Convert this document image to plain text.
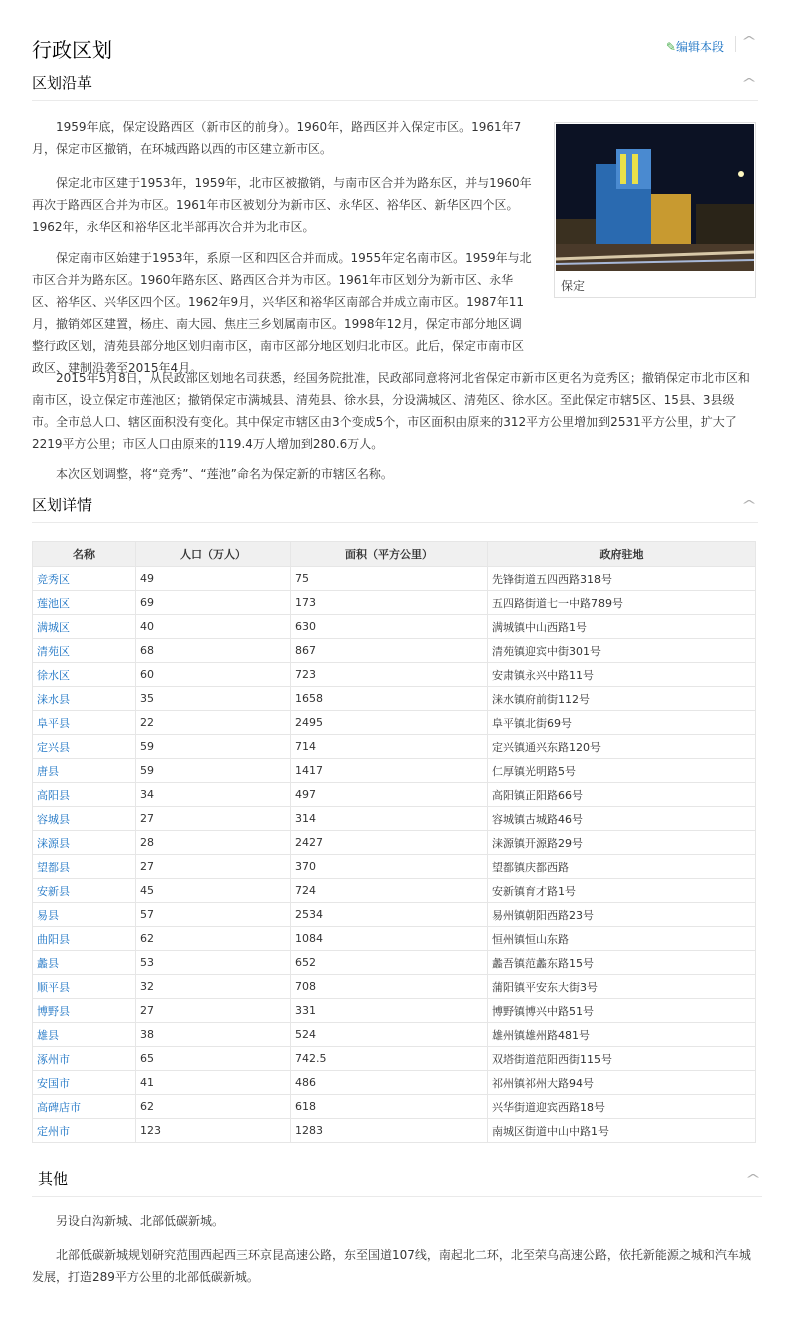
行政区划	✎编辑本段 ^
区划沿革	^

1959年底，保定设路西区（新市区的前身）。1960年，路西区并入保定市区。1961年7月，保定市区撤销，在环城西路以西的市区建立新市区。

保定北市区建于1953年，1959年，北市区被撤销，与南市区合并为路东区，并与1960年再次于路西区合并为市区。1961年市区被划分为新市区、永华区、裕华区、新华区四个区。1962年，永华区和裕华区北半部再次合并为北市区。

保定南市区始建于1953年，系原一区和四区合并而成。1955年定名南市区。1959年与北市区合并为路东区。1960年路东区、路西区合并为市区。1961年市区划分为新市区、永华区、裕华区、兴华区四个区。1962年9月，兴华区和裕华区南部合并成立南市区。1987年11月，撤销郊区建置，杨庄、南大园、焦庄三乡划属南市区。1998年12月，保定市部分地区调整行政区划，清苑县部分地区划归南市区，南市区部分地区划归北市区。此后，保定市南市区政区、建制沿袭至2015年4月。

保定

2015年5月8日，从民政部区划地名司获悉，经国务院批准，民政部同意将河北省保定市新市区更名为竞秀区；撤销保定市北市区和南市区，设立保定市莲池区；撤销保定市满城县、清苑县、徐水县，分设满城区、清苑区、徐水区。至此保定市辖5区、15县、3县级市。全市总人口、辖区面积没有变化。其中保定市辖区由3个变成5个，市区面积由原来的312平方公里增加到2531平方公里，扩大了2219平方公里；市区人口由原来的119.4万人增加到280.6万人。

本次区划调整，将“竞秀”、“莲池”命名为保定新的市辖区名称。

区划详情	^
名称	人口（万人）	面积（平方公里）	政府驻地
竞秀区	49	75	先锋街道五四西路318号
莲池区	69	173	五四路街道七一中路789号
满城区	40	630	满城镇中山西路1号
清苑区	68	867	清苑镇迎宾中街301号
徐水区	60	723	安肃镇永兴中路11号
涞水县	35	1658	涞水镇府前街112号
阜平县	22	2495	阜平镇北街69号
定兴县	59	714	定兴镇通兴东路120号
唐县	59	1417	仁厚镇光明路5号
高阳县	34	497	高阳镇正阳路66号
容城县	27	314	容城镇古城路46号
涞源县	28	2427	涞源镇开源路29号
望都县	27	370	望都镇庆都西路
安新县	45	724	安新镇育才路1号
易县	57	2534	易州镇朝阳西路23号
曲阳县	62	1084	恒州镇恒山东路
蠡县	53	652	蠡吾镇范蠡东路15号
顺平县	32	708	蒲阳镇平安东大街3号
博野县	27	331	博野镇博兴中路51号
雄县	38	524	雄州镇雄州路481号
涿州市	65	742.5	双塔街道范阳西街115号
安国市	41	486	祁州镇祁州大路94号
高碑店市	62	618	兴华街道迎宾西路18号
定州市	123	1283	南城区街道中山中路1号
其他	^

另设白沟新城、北部低碳新城。

北部低碳新城规划研究范围西起西三环京昆高速公路，东至国道107线，南起北二环，北至荣乌高速公路，依托新能源之城和汽车城发展，打造289平方公里的北部低碳新城。
